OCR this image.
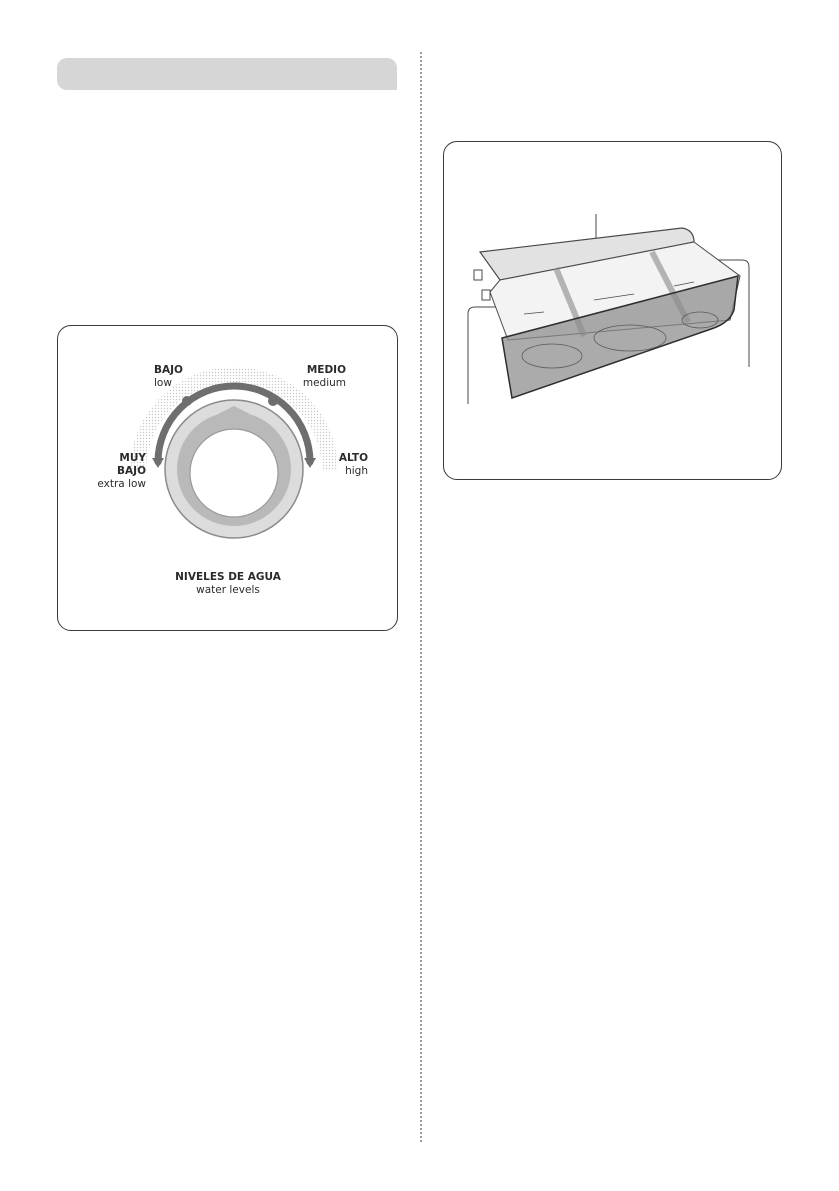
MUY
BAJO
extra low
BAJO
low
MEDIO
medium
ALTO
high
NIVELES DE AGUA
water levels
